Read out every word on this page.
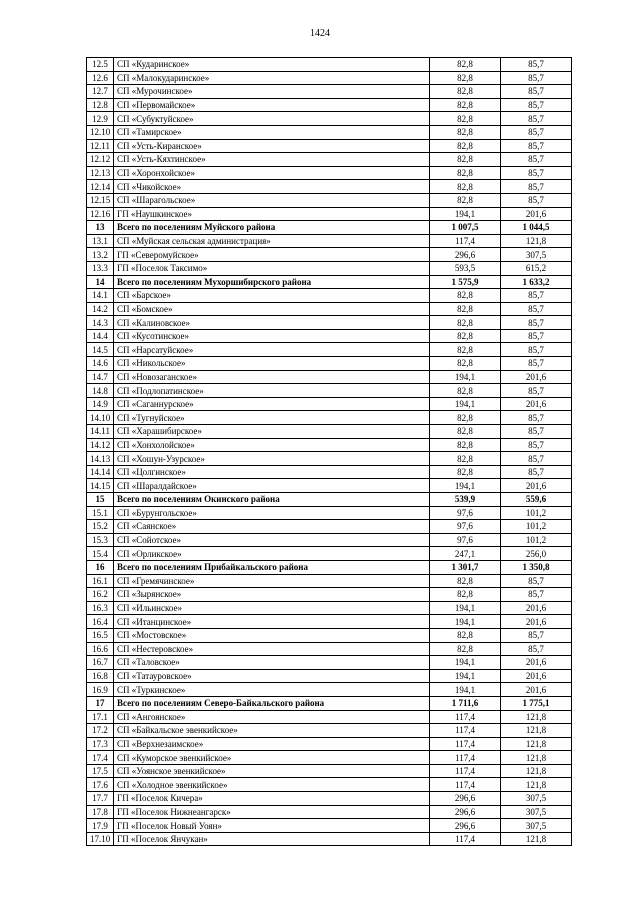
1424
12.5	СП «Кударинское»	82,8	85,7
12.6	СП «Малокударинское»	82,8	85,7
12.7	СП «Мурочинское»	82,8	85,7
12.8	СП «Первомайское»	82,8	85,7
12.9	СП «Субуктуйское»	82,8	85,7
12.10	СП «Тамирское»	82,8	85,7
12.11	СП «Усть-Киранское»	82,8	85,7
12.12	СП «Усть-Кяхтинское»	82,8	85,7
12.13	СП «Хоронхойское»	82,8	85,7
12.14	СП «Чикойское»	82,8	85,7
12.15	СП «Шарагольское»	82,8	85,7
12.16	ГП «Наушкинское»	194,1	201,6
13	Всего по поселениям Муйского района	1 007,5	1 044,5
13.1	СП «Муйская сельская администрация»	117,4	121,8
13.2	ГП «Северомуйское»	296,6	307,5
13.3	ГП «Поселок Таксимо»	593,5	615,2
14	Всего по поселениям Мухоршибирского района	1 575,9	1 633,2
14.1	СП «Барское»	82,8	85,7
14.2	СП «Бомское»	82,8	85,7
14.3	СП «Калиновское»	82,8	85,7
14.4	СП «Кусотинское»	82,8	85,7
14.5	СП «Нарсатуйское»	82,8	85,7
14.6	СП «Никольское»	82,8	85,7
14.7	СП «Новозаганское»	194,1	201,6
14.8	СП «Подлопатинское»	82,8	85,7
14.9	СП «Саганнурское»	194,1	201,6
14.10	СП «Тугнуйское»	82,8	85,7
14.11	СП «Харашибирское»	82,8	85,7
14.12	СП «Хонхолойское»	82,8	85,7
14.13	СП «Хошун-Узурское»	82,8	85,7
14.14	СП «Цолгинское»	82,8	85,7
14.15	СП «Шаралдайское»	194,1	201,6
15	Всего по поселениям Окинского района	539,9	559,6
15.1	СП «Бурунгольское»	97,6	101,2
15.2	СП «Саянское»	97,6	101,2
15.3	СП «Сойотское»	97,6	101,2
15.4	СП «Орликское»	247,1	256,0
16	Всего по поселениям Прибайкальского района	1 301,7	1 350,8
16.1	СП «Гремячинское»	82,8	85,7
16.2	СП «Зырянское»	82,8	85,7
16.3	СП «Ильинское»	194,1	201,6
16.4	СП «Итанцинское»	194,1	201,6
16.5	СП «Мостовское»	82,8	85,7
16.6	СП «Нестеровское»	82,8	85,7
16.7	СП «Таловское»	194,1	201,6
16.8	СП «Татауровское»	194,1	201,6
16.9	СП «Туркинское»	194,1	201,6
17	Всего по поселениям Северо-Байкальского района	1 711,6	1 775,1
17.1	СП «Ангоянское»	117,4	121,8
17.2	СП «Байкальское эвенкийское»	117,4	121,8
17.3	СП «Верхнезаимское»	117,4	121,8
17.4	СП «Куморское эвенкийское»	117,4	121,8
17.5	СП «Уоянское эвенкийское»	117,4	121,8
17.6	СП «Холодное эвенкийское»	117,4	121,8
17.7	ГП «Поселок Кичера»	296,6	307,5
17.8	ГП «Поселок Нижнеангарск»	296,6	307,5
17.9	ГП «Поселок Новый Уоян»	296,6	307,5
17.10	ГП «Поселок Янчукан»	117,4	121,8
